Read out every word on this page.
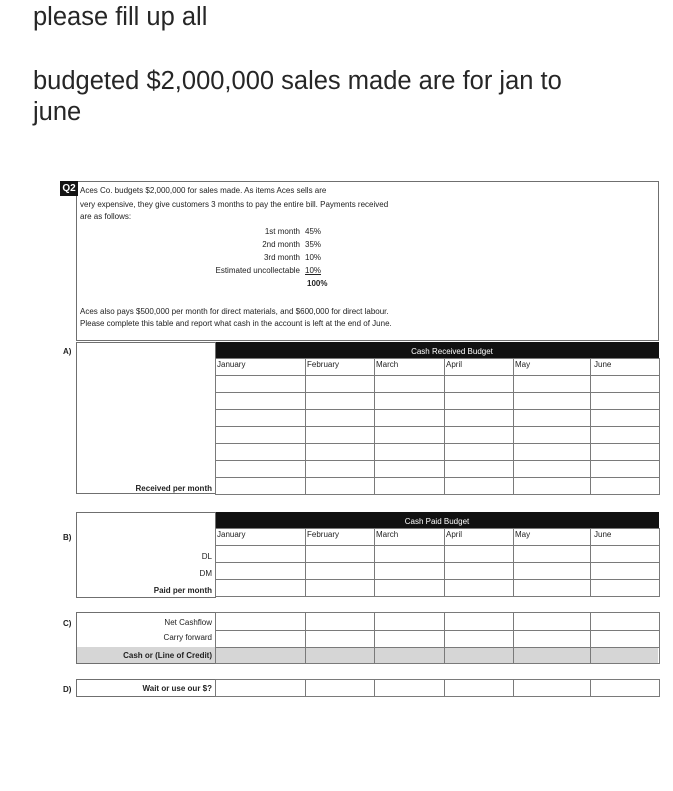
please fill up all
budgeted $2,000,000 sales made are for jan to
june
Q2 Aces Co. budgets $2,000,000 for sales made. As items Aces sells are
very expensive, they give customers 3 months to pay the entire bill. Payments received
are as follows:
1st month 45%
2nd month 35%
3rd month 10%
Estimated uncollectable 10%
100%
Aces also pays $500,000 per month for direct materials, and $600,000 for direct labour.
Please complete this table and report what cash in the account is left at the end of June.
A)	Cash Received Budget
January	February	March	April	May	June
Received per month
B)
Cash Paid Budget
January	February	March	April	May	June
DL
DM
Paid per month
C)	Net Cashflow
Carry forward
Cash or (Line of Credit)
D)	Wait or use our $?
